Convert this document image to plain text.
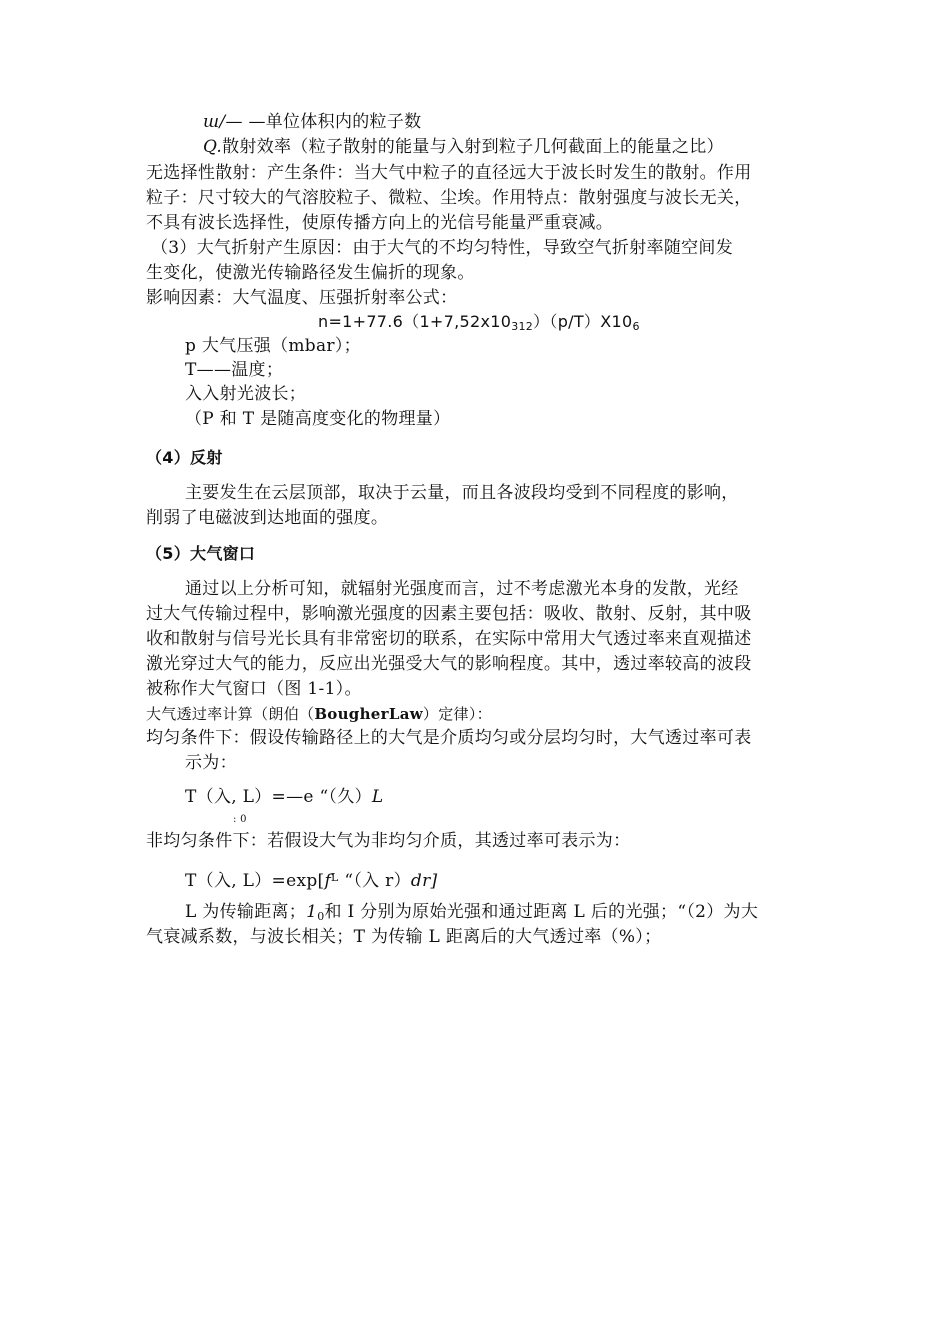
ш/— —单位体积内的粒子数
Q.散射效率（粒子散射的能量与入射到粒子几何截面上的能量之比）
无选择性散射：产生条件：当大气中粒子的直径远大于波长时发生的散射。作用
粒子：尺寸较大的气溶胶粒子、微粒、尘埃。作用特点：散射强度与波长无关，
不具有波长选择性，使原传播方向上的光信号能量严重衰减。
（3）大气折射产生原因：由于大气的不均匀特性，导致空气折射率随空间发
生变化，使激光传输路径发生偏折的现象。
影响因素：大气温度、压强折射率公式：
$n=1+77.6(1+7,52x10_{312})(p/T)X10_6$
p 大气压强（mbar）；
T——温度；
入入射光波长；
（P 和 T 是随高度变化的物理量）
（4）反射
主要发生在云层顶部，取决于云量，而且各波段均受到不同程度的影响，
削弱了电磁波到达地面的强度。
（5）大气窗口
通过以上分析可知，就辐射光强度而言，过不考虑激光本身的发散，光经
过大气传输过程中，影响激光强度的因素主要包括：吸收、散射、反射，其中吸
收和散射与信号光长具有非常密切的联系，在实际中常用大气透过率来直观描述
激光穿过大气的能力，反应出光强受大气的影响程度。其中，透过率较高的波段
被称作大气窗口（图 1-1）。
大气透过率计算（朗伯（BougherLaw）定律）：
均匀条件下：假设传输路径上的大气是介质均匀或分层均匀时，大气透过率可表
示为：
T（入, L）=—e “（久）L
: 0
非均匀条件下：若假设大气为非均匀介质，其透过率可表示为：
T（入, $L)=\exp[f^L$ “（入 r）dr]
L 为传输距离；$1_0$和 I 分别为原始光强和通过距离 L 后的光强；“（2）为大
气衰减系数，与波长相关；T 为传输 L 距离后的大气透过率（%）；
